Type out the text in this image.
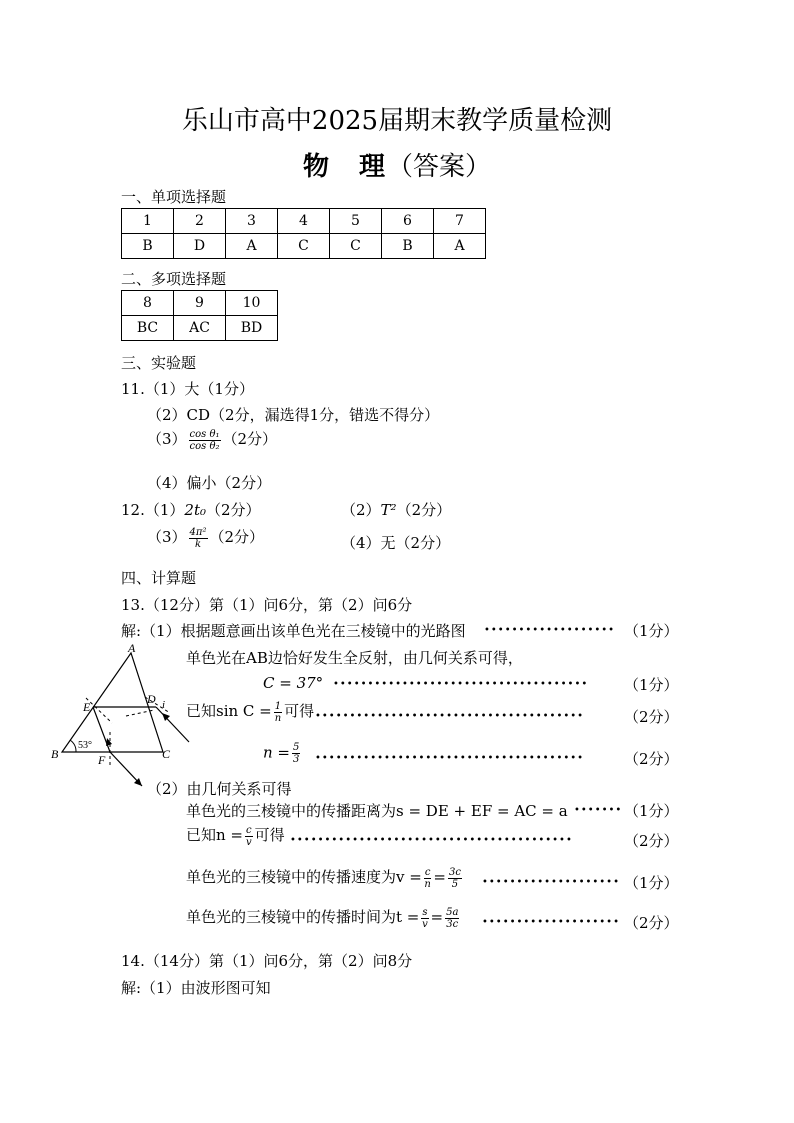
乐山市高中2025届期末教学质量检测
物　理（答案）
一、单项选择题
1	2	3	4	5	6	7
B	D	A	C	C	B	A
二、多项选择题
8	9	10
BC	AC	BD
三、实验题
11.（1）大（1分）
（2）CD（2分，漏选得1分，错选不得分）
$(3) \frac{\text{cos θ₁}}{\text{cos θ₂}} (2$分）
（4）偏小（2分）
12.（1）2t₀（2分）	（2）T²（2分）
$(3) \frac{\text{4π²}}{k} (2$分）	（4）无（2分）
四、计算题
13.（12分）第（1）问6分，第（2）问6分
解:（1）根据题意画出该单色光在三棱镜中的光路图 ••••••••••••••••••• （1分）
单色光在AB边恰好发生全反射，由几何关系可得，
C = 37° ••••••••••••••••••••••••••••••••••••• （1分）
已知$\sin C = \frac{1}{n}$ 可得 •••••••••••••••••••••••••••••••••••••••	（2分）
$n = \frac{5}{3}$ •••••••••••••••••••••••••••••••••••••••	（2分）
（2）由几何关系可得
单色光的三棱镜中的传播距离为s = DE + EF = AC = a ••••••• （1分）
已知$n = \frac{c}{v}$ 可得 •••••••••••••••••••••••••••••••••••••••••	（2分）
单色光的三棱镜中的传播速度为$v = \frac{c}{n} = \frac{3c}{5}$ •••••••••••••••••••• （1分）
单色光的三棱镜中的传播时间为$t = \frac{s}{v} = \frac{5a}{3c}$ •••••••••••••••••••• （2分）
14.（14分）第（1）问6分，第（2）问8分
解:（1）由波形图可知
A
B	C
D
E
F
i
53°
